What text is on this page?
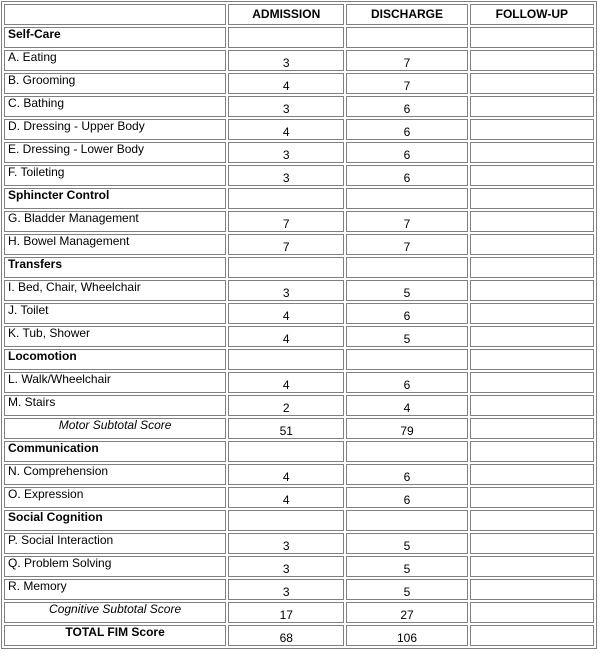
	ADMISSION	DISCHARGE	FOLLOW-UP
Self-Care			
A. Eating	3	7	
B. Grooming	4	7	
C. Bathing	3	6	
D. Dressing - Upper Body	4	6	
E. Dressing - Lower Body	3	6	
F. Toileting	3	6	
Sphincter Control			
G. Bladder Management	7	7	
H. Bowel Management	7	7	
Transfers			
I. Bed, Chair, Wheelchair	3	5	
J. Toilet	4	6	
K. Tub, Shower	4	5	
Locomotion			
L. Walk/Wheelchair	4	6	
M. Stairs	2	4	
Motor Subtotal Score	51	79	
Communication			
N. Comprehension	4	6	
O. Expression	4	6	
Social Cognition			
P. Social Interaction	3	5	
Q. Problem Solving	3	5	
R. Memory	3	5	
Cognitive Subtotal Score	17	27	
TOTAL FIM Score	68	106	
